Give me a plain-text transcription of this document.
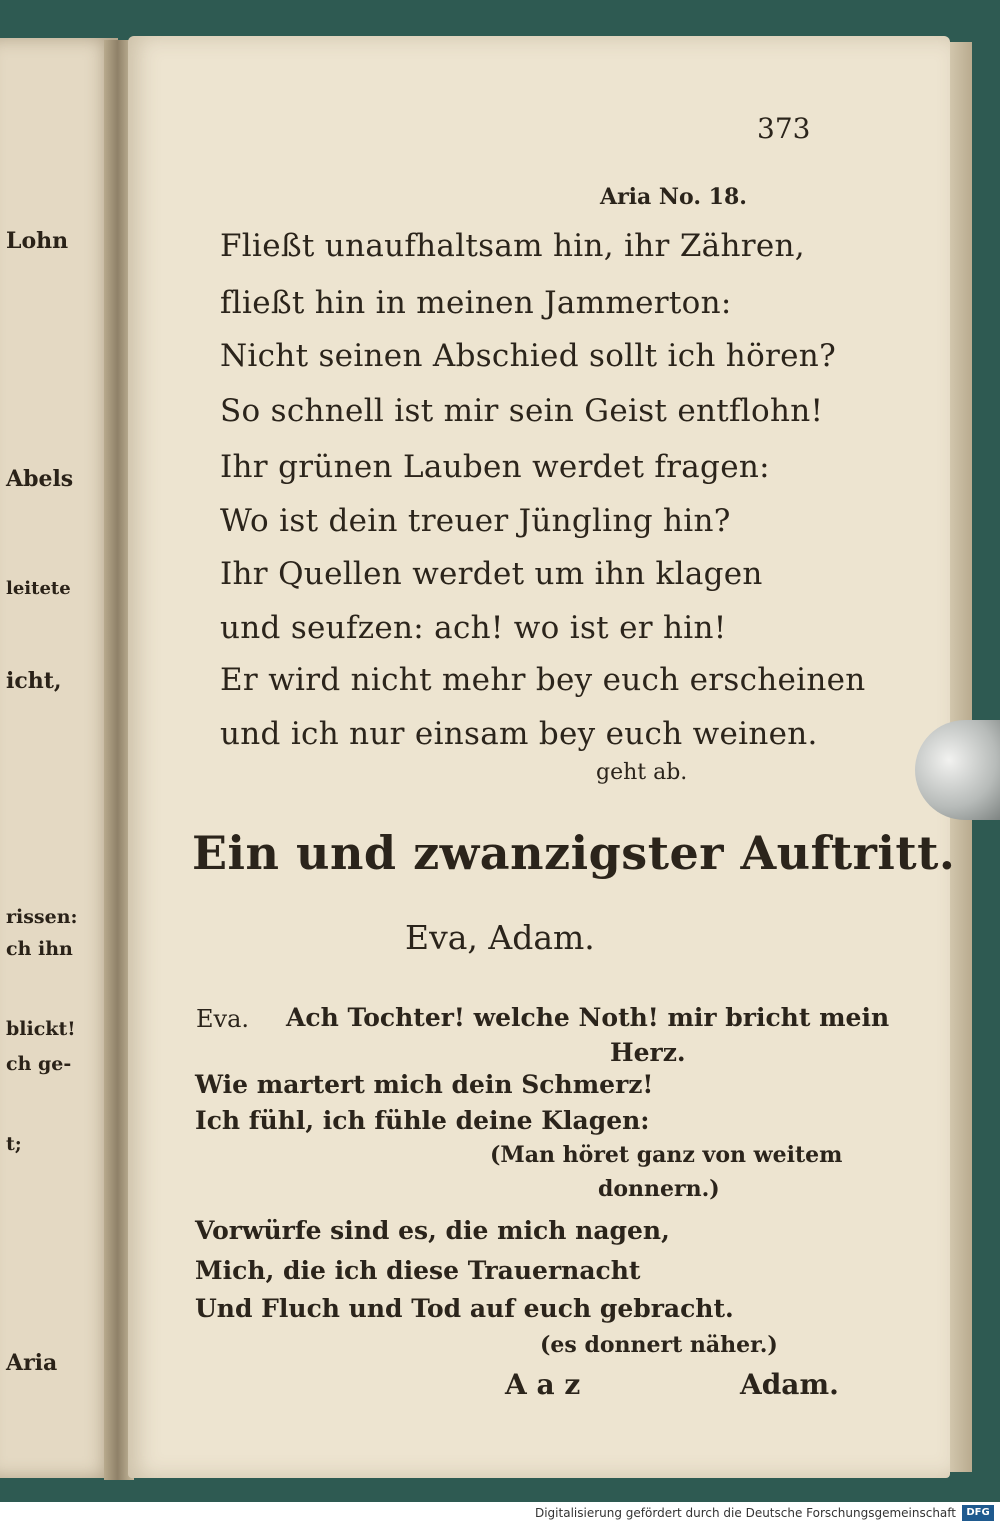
Lohn
Abels
leitete
icht,
rissen:
ch ihn
blickt!
ch ge-
t;
Aria
373
Aria No. 18.
Fließt unaufhaltsam hin, ihr Zähren,
fließt hin in meinen Jammerton:
Nicht seinen Abschied sollt ich hören?
So schnell ist mir sein Geist entflohn!
Ihr grünen Lauben werdet fragen:
Wo ist dein treuer Jüngling hin?
Ihr Quellen werdet um ihn klagen
und seufzen: ach! wo ist er hin!
Er wird nicht mehr bey euch erscheinen
und ich nur einsam bey euch weinen.
geht ab.
Ein und zwanzigster Auftritt.
Eva, Adam.
Eva. Ach Tochter! welche Noth! mir bricht mein
Herz.
Wie martert mich dein Schmerz!
Ich fühl, ich fühle deine Klagen:
(Man höret ganz von weitem
donnern.)
Vorwürfe sind es, die mich nagen,
Mich, die ich diese Trauernacht
Und Fluch und Tod auf euch gebracht.
(es donnert näher.)
A a z	Adam.
Digitalisierung gefördert durch die Deutsche Forschungsgemeinschaft	DFG
